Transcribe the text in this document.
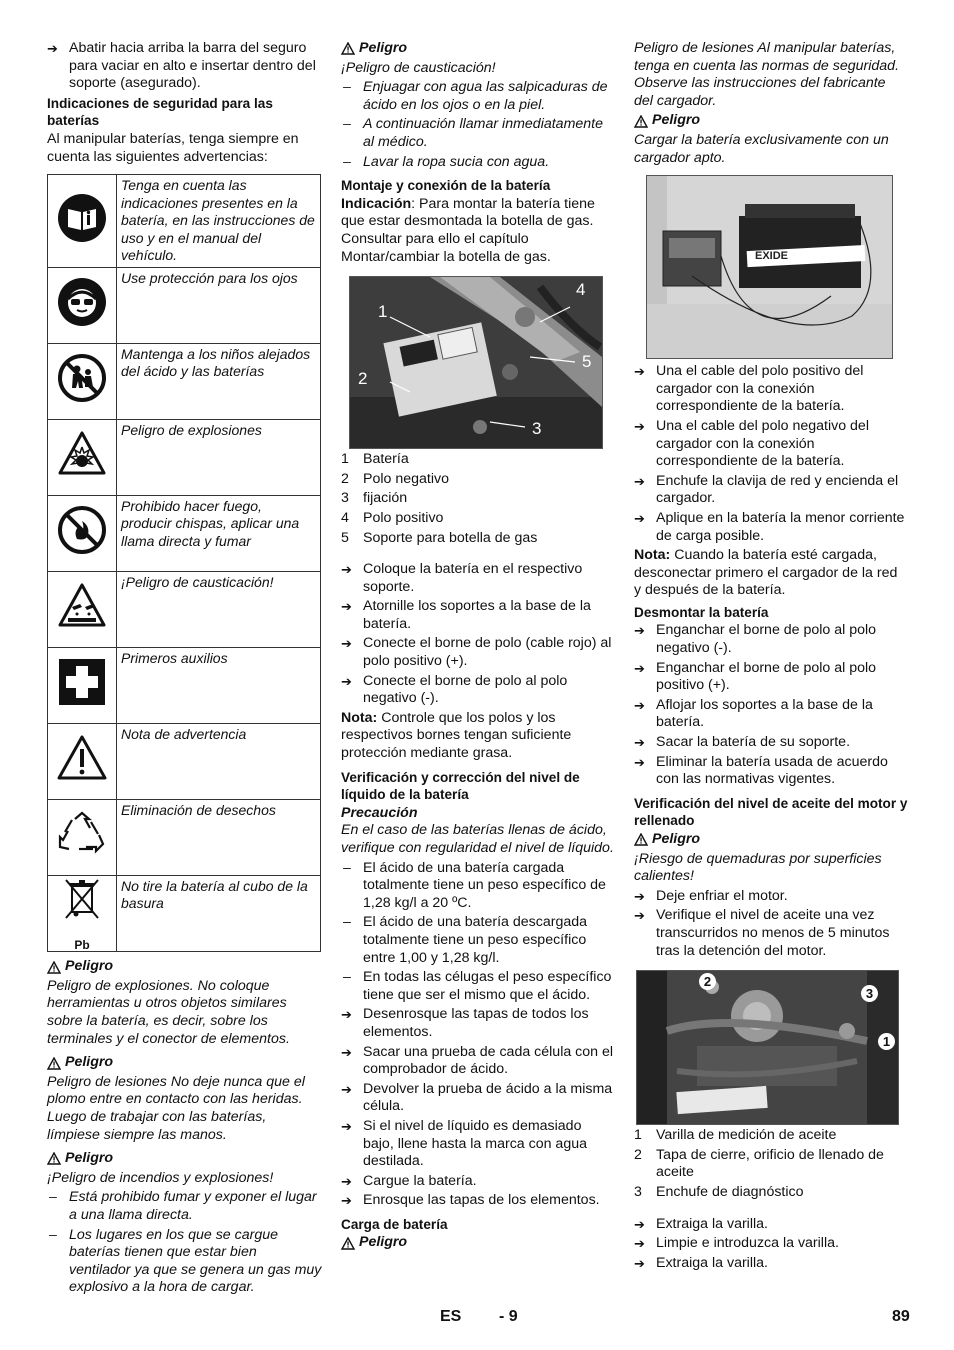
➔ Abatir hacia arriba la barra del seguro para vaciar en alto e insertar dentro del soporte (asegurado).
Indicaciones de seguridad para las baterías

Al manipular baterías, tenga siempre en cuenta las siguientes advertencias:

	Tenga en cuenta las indicaciones presentes en la batería, en las instrucciones de uso y en el manual del vehículo.
	Use protección para los ojos
	Mantenga a los niños alejados del ácido y las baterías
	Peligro de explosiones
	Prohibido hacer fuego, producir chispas, aplicar una llama directa y fumar
	¡Peligro de causticación!
	Primeros auxilios
	Nota de advertencia
	Eliminación de desechos

Pb	No tire la batería al cubo de la basura
Peligro

Peligro de explosiones. No coloque herramientas u otros objetos similares sobre la batería, es decir, sobre los terminales y el conector de elementos.

Peligro

Peligro de lesiones No deje nunca que el plomo entre en contacto con las heridas. Luego de trabajar con las baterías, límpiese siempre las manos.

Peligro

¡Peligro de incendios y explosiones!

– Está prohibido fumar y exponer el lugar a una llama directa.
– Los lugares en los que se cargue baterías tienen que estar bien ventilador ya que se genera un gas muy explosivo a la hora de cargar.
Peligro

¡Peligro de causticación!

– Enjuagar con agua las salpicaduras de ácido en los ojos o en la piel.
– A continuación llamar inmediatamente al médico.
– Lavar la ropa sucia con agua.
Montaje y conexión de la batería

Indicación: Para montar la batería tiene que estar desmontada la botella de gas. Consultar para ello el capítulo Montar/cambiar la botella de gas.

1
2
3
4
5
1 Batería
2 Polo negativo
3 fijación
4 Polo positivo
5 Soporte para botella de gas
➔ Coloque la batería en el respectivo soporte.
➔ Atornille los soportes a la base de la batería.
➔ Conecte el borne de polo (cable rojo) al polo positivo (+).
➔ Conecte el borne de polo al polo negativo (-).

Nota: Controle que los polos y los respectivos bornes tengan suficiente protección mediante grasa.

Verificación y corrección del nivel de líquido de la batería
Precaución

En el caso de las baterías llenas de ácido, verifique con regularidad el nivel de líquido.

– El ácido de una batería cargada totalmente tiene un peso específico de 1,28 kg/l a 20 ºC.
– El ácido de una batería descargada totalmente tiene un peso específico entre 1,00 y 1,28 kg/l.
– En todas las célugas el peso específico tiene que ser el mismo que el ácido.
➔ Desenrosque las tapas de todos los elementos.
➔ Sacar una prueba de cada célula con el comprobador de ácido.
➔ Devolver la prueba de ácido a la misma célula.
➔ Si el nivel de líquido es demasiado bajo, llene hasta la marca con agua destilada.
➔ Cargue la batería.
➔ Enrosque las tapas de los elementos.
Carga de batería
Peligro

Peligro de lesiones Al manipular baterías, tenga en cuenta las normas de seguridad. Observe las instrucciones del fabricante del cargador.

Peligro

Cargar la batería exclusivamente con un cargador apto.

EXIDE
➔ Una el cable del polo positivo del cargador con la conexión correspondiente de la batería.
➔ Una el cable del polo negativo del cargador con la conexión correspondiente de la batería.
➔ Enchufe la clavija de red y encienda el cargador.
➔ Aplique en la batería la menor corriente de carga posible.

Nota: Cuando la batería esté cargada, desconectar primero el cargador de la red y después de la batería.

Desmontar la batería
➔ Enganchar el borne de polo al polo negativo (-).
➔ Enganchar el borne de polo al polo positivo (+).
➔ Aflojar los soportes a la base de la batería.
➔ Sacar la batería de su soporte.
➔ Eliminar la batería usada de acuerdo con las normativas vigentes.
Verificación del nivel de aceite del motor y rellenado
Peligro

¡Riesgo de quemaduras por superficies calientes!

➔ Deje enfriar el motor.
➔ Verifique el nivel de aceite una vez transcurridos no menos de 5 minutos tras la detención del motor.
2
3
1
1 Varilla de medición de aceite
2 Tapa de cierre, orificio de llenado de aceite
3 Enchufe de diagnóstico
➔ Extraiga la varilla.
➔ Limpie e introduzca la varilla.
➔ Extraiga la varilla.
ES - 9	89
